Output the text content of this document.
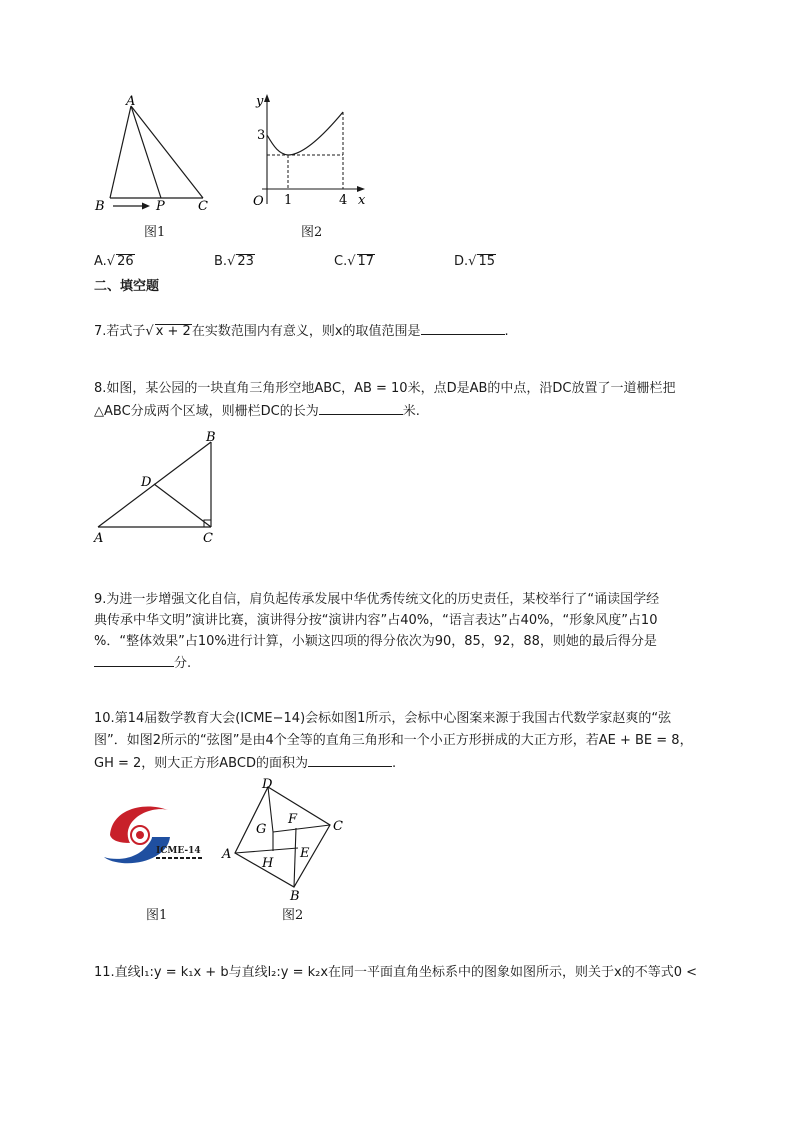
A
B	P	C
图1
y
x
O
3
1	4
图2
A.√ 26	B.√ 23	C.√ 17	D.√ 15
二、填空题
7.若式子√ x + 2在实数范围内有意义，则x的取值范围是	.
8.如图，某公园的一块直角三角形空地ABC，AB = 10米，点D是AB的中点，沿DC放置了一道栅栏把
△ABC分成两个区域，则栅栏DC的长为	米.
B
D
A	C
9.为进一步增强文化自信，肩负起传承发展中华优秀传统文化的历史责任，某校举行了“诵读国学经
典传承中华文明”演讲比赛，演讲得分按“演讲内容”占40%，“语言表达”占40%，“形象风度”占10
%．“整体效果”占10%进行计算，小颖这四项的得分依次为90，85，92，88，则她的最后得分是
分.
10.第14届数学教育大会(ICME−14)会标如图1所示，会标中心图案来源于我国古代数学家赵爽的“弦
图”．如图2所示的“弦图”是由4个全等的直角三角形和一个小正方形拼成的大正方形，若AE + BE = 8，
GH = 2，则大正方形ABCD的面积为	.
ICME-14
图1
D
G
F	C
A
H
E
B
图2
11.直线l₁:y = k₁x + b与直线l₂:y = k₂x在同一平面直角坐标系中的图象如图所示，则关于x的不等式0 <
